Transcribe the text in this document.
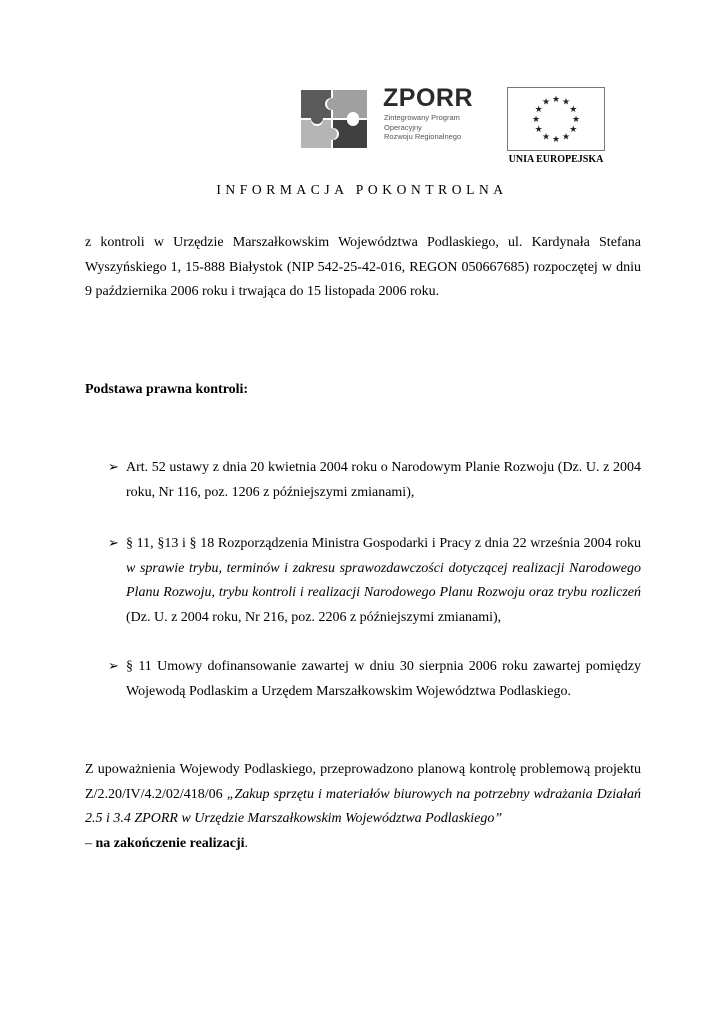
ZPORR
Zintegrowany Program
Operacyjny
Rozwoju Regionalnego
★ ★
★
★
★
★
★
★
★
★
★
★
UNIA EUROPEJSKA
INFORMACJA POKONTROLNA
z kontroli w Urzędzie Marszałkowskim Województwa Podlaskiego, ul. Kardynała Stefana Wyszyńskiego 1, 15-888 Białystok (NIP 542-25-42-016, REGON 050667685) rozpoczętej w dniu 9 października 2006 roku i trwająca do 15 listopada 2006 roku.
Podstawa prawna kontroli:
➢ Art. 52 ustawy z dnia 20 kwietnia 2004 roku o Narodowym Planie Rozwoju (Dz. U. z 2004 roku, Nr 116, poz. 1206 z późniejszymi zmianami),
➢ § 11, §13 i § 18 Rozporządzenia Ministra Gospodarki i Pracy z dnia 22 września 2004 roku w sprawie trybu, terminów i zakresu sprawozdawczości dotyczącej realizacji Narodowego Planu Rozwoju, trybu kontroli i realizacji Narodowego Planu Rozwoju oraz trybu rozliczeń (Dz. U. z 2004 roku, Nr 216, poz. 2206 z późniejszymi zmianami),
➢ § 11 Umowy dofinansowanie zawartej w dniu 30 sierpnia 2006 roku zawartej pomiędzy Wojewodą Podlaskim a Urzędem Marszałkowskim Województwa Podlaskiego.
Z upoważnienia Wojewody Podlaskiego, przeprowadzono planową kontrolę problemową projektu Z/2.20/IV/4.2/02/418/06 „Zakup sprzętu i materiałów biurowych na potrzebny wdrażania Działań 2.5 i 3.4 ZPORR w Urzędzie Marszałkowskim Województwa Podlaskiego”
– na zakończenie realizacji.
